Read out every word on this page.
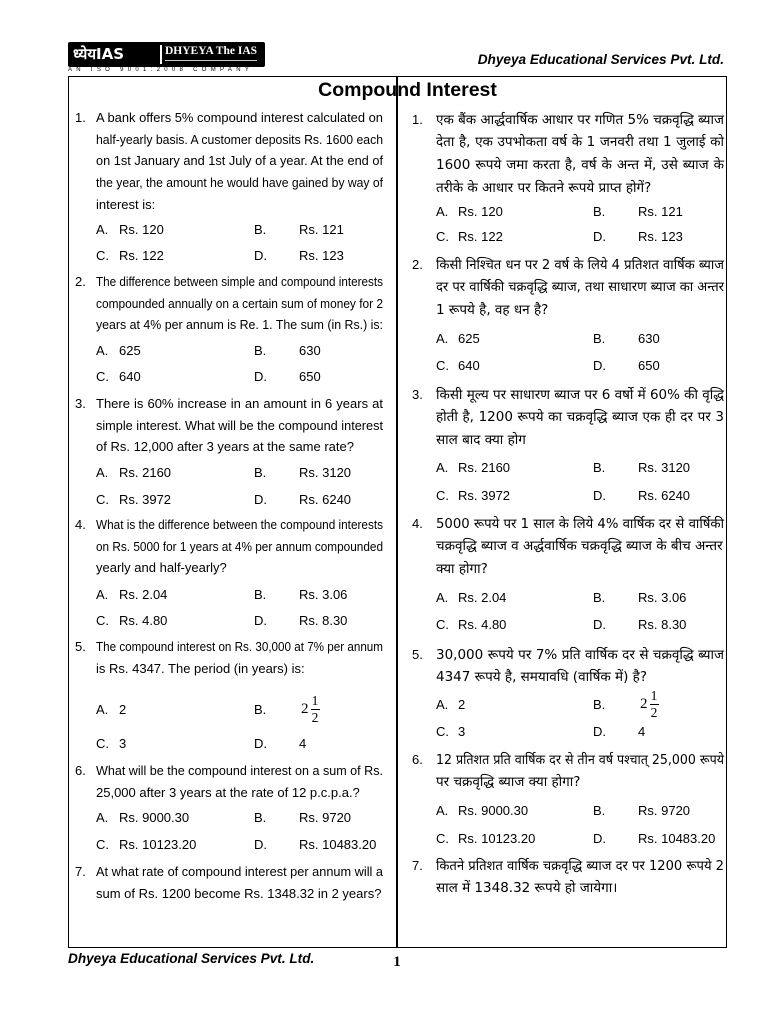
ध्येयIAS	DHYEYA The IAS
AN ISO 9001:2008 COMPANY
Dhyeya Educational Services Pvt. Ltd.
1. A bank offers 5% compound interest calculated on
half-yearly basis. A customer deposits Rs. 1600 each
on 1st January and 1st July of a year. At the end of
the year, the amount he would have gained by way of
interest is:
A. Rs. 120	B.	Rs. 121
C. Rs. 122	D. Rs. 123
2. The difference between simple and compound interests
compounded annually on a certain sum of money for 2
years at 4% per annum is Re. 1. The sum (in Rs.) is:
A. 625	B.	630
C. 640	D. 650
3. There is 60% increase in an amount in 6 years at
simple interest. What will be the compound interest
of Rs. 12,000 after 3 years at the same rate?
A. Rs. 2160	B.	Rs. 3120
C. Rs. 3972	D. Rs. 6240
4. What is the difference between the compound interests
on Rs. 5000 for 1 years at 4% per annum compounded
yearly and half-yearly?
A. Rs. 2.04	B.	Rs. 3.06
C. Rs. 4.80	D. Rs. 8.30
5. The compound interest on Rs. 30,000 at 7% per annum
is Rs. 4347. The period (in years) is:
A. 2	B. 2
1
2
C. 3	D. 4
6. What will be the compound interest on a sum of Rs.
25,000 after 3 years at the rate of 12 p.c.p.a.?
A. Rs. 9000.30	B.	Rs. 9720
C. Rs. 10123.20	D. Rs. 10483.20
7. At what rate of compound interest per annum will a
sum of Rs. 1200 become Rs. 1348.32 in 2 years?
1. एक बैंक आर्द्धवार्षिक आधार पर गणित 5% चक्रवृद्धि ब्याज
देता है, एक उपभोकता वर्ष के 1 जनवरी तथा 1 जुलाई को
1600 रूपये जमा करता है, वर्ष के अन्त में, उसे ब्याज के
तरीके के आधार पर कितने रूपये प्राप्त होगें?
A. Rs. 120	B.	Rs. 121
C. Rs. 122	D. Rs. 123
2. किसी निश्चित धन पर 2 वर्ष के लिये 4 प्रतिशत वार्षिक ब्याज
दर पर वार्षिकी चक्रवृद्धि ब्याज, तथा साधारण ब्याज का अन्तर
1 रूपये है, वह धन है?
A. 625	B.	630
C. 640	D. 650
3. किसी मूल्य पर साधारण ब्याज पर 6 वर्षो में 60% की वृद्धि
होती है, 1200 रूपये का चक्रवृद्धि ब्याज एक ही दर पर 3
साल बाद क्या होग
A. Rs. 2160	B.	Rs. 3120
C. Rs. 3972	D. Rs. 6240
4. 5000 रूपये पर 1 साल के लिये 4% वार्षिक दर से वार्षिकी
चक्रवृद्धि ब्याज व अर्द्धवार्षिक चक्रवृद्धि ब्याज के बीच अन्तर
क्या होगा?
A. Rs. 2.04	B.	Rs. 3.06
C. Rs. 4.80	D. Rs. 8.30
5. 30,000 रूपये पर 7% प्रति वार्षिक दर से चक्रवृद्धि ब्याज
4347 रूपये है, समयावधि (वार्षिक में) है?
A. 2	B. 2
1
2
C. 3	D. 4
6. 12 प्रतिशत प्रति वार्षिक दर से तीन वर्ष पश्चात् 25,000 रूपये
पर चक्रवृद्धि ब्याज क्या होगा?
A. Rs. 9000.30	B.	Rs. 9720
C. Rs. 10123.20	D. Rs. 10483.20
7. कितने प्रतिशत वार्षिक चक्रवृद्धि ब्याज दर पर 1200 रूपये 2
साल में 1348.32 रूपये हो जायेगा।
Compound Interest
Dhyeya Educational Services Pvt. Ltd.	1
